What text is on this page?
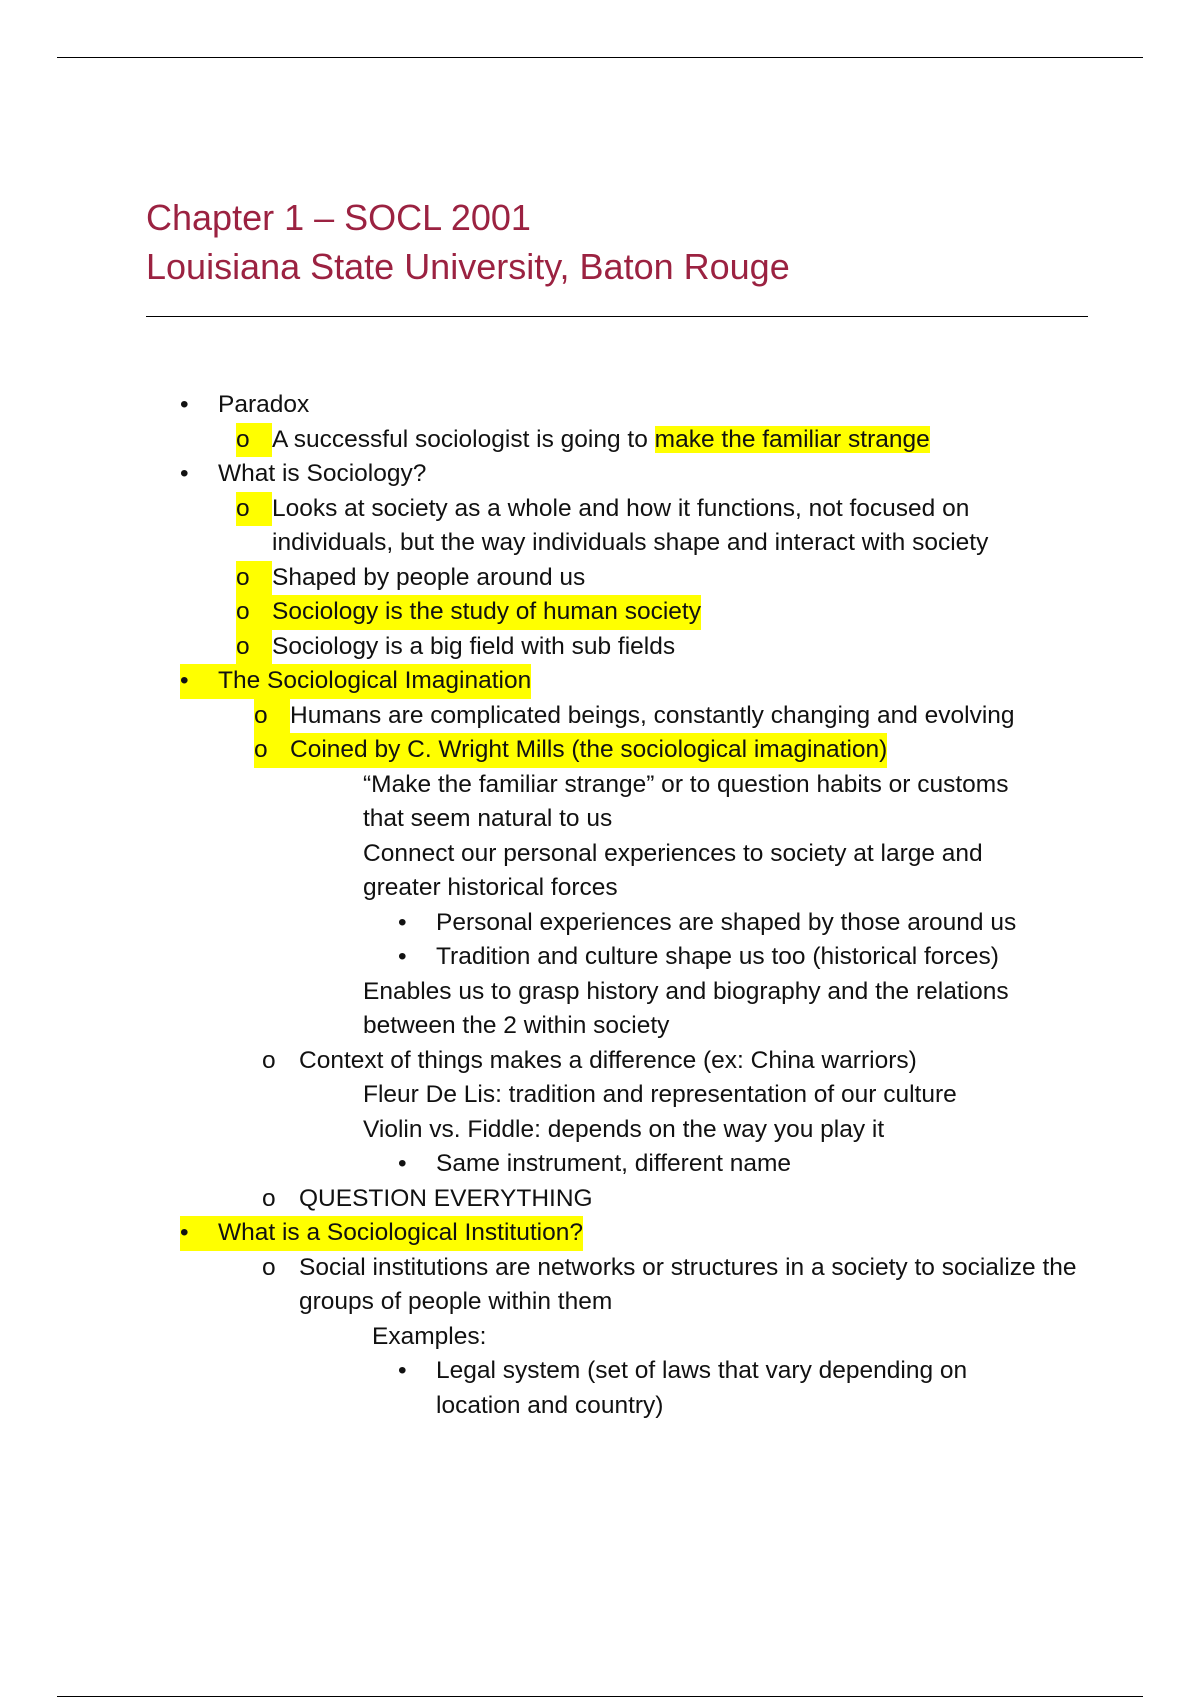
Chapter 1 – SOCL 2001
Louisiana State University, Baton Rouge
•	Paradox
o A successful sociologist is going to make the familiar strange
•	What is Sociology?
o Looks at society as a whole and how it functions, not focused on individuals, but the way individuals shape and interact with society
o Shaped by people around us
o Sociology is the study of human society
o Sociology is a big field with sub fields
•	The Sociological Imagination
o Humans are complicated beings, constantly changing and evolving
o Coined by C. Wright Mills (the sociological imagination)
“Make the familiar strange” or to question habits or customs that seem natural to us
Connect our personal experiences to society at large and greater historical forces
• Personal experiences are shaped by those around us
• Tradition and culture shape us too (historical forces)
Enables us to grasp history and biography and the relations between the 2 within society
o Context of things makes a difference (ex: China warriors)
Fleur De Lis: tradition and representation of our culture
Violin vs. Fiddle: depends on the way you play it
• Same instrument, different name
o QUESTION EVERYTHING
•	What is a Sociological Institution?
o Social institutions are networks or structures in a society to socialize the groups of people within them
Examples:
• Legal system (set of laws that vary depending on location and country)
